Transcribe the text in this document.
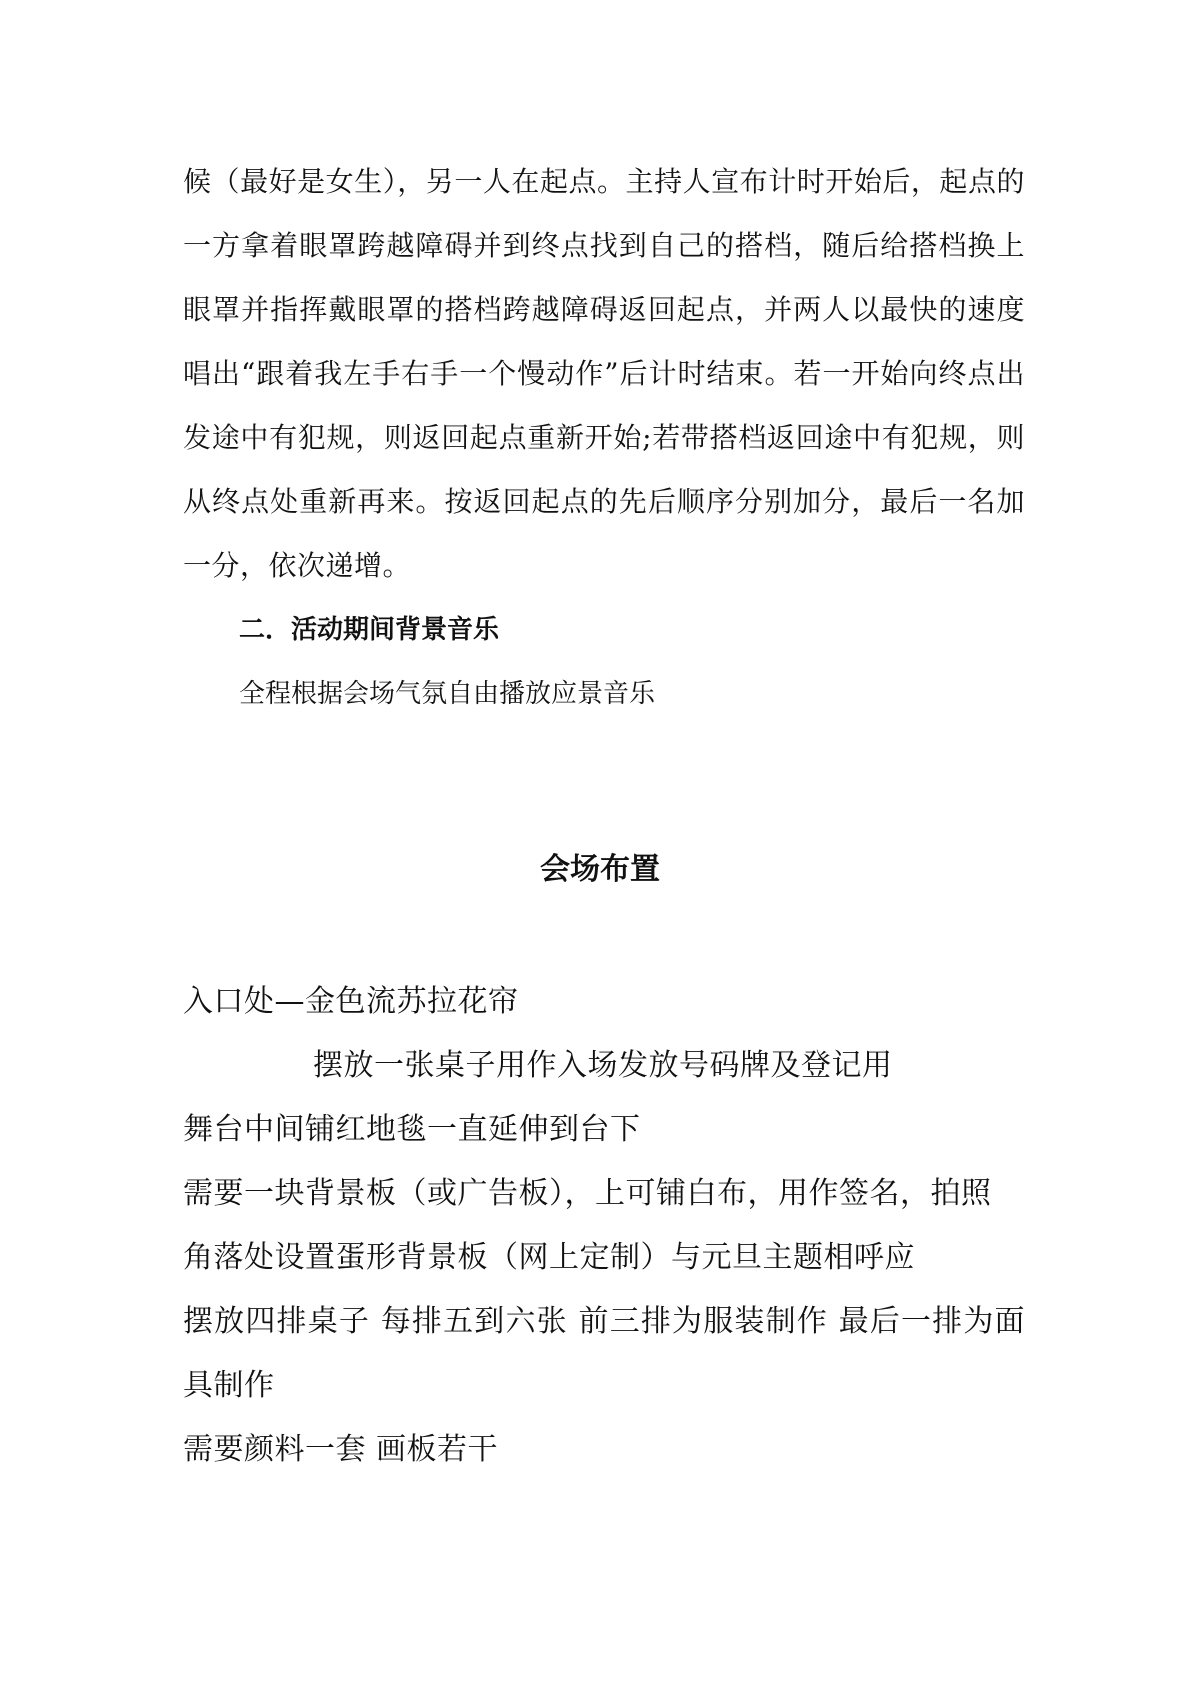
候（最好是女生），另一人在起点。主持人宣布计时开始后，起点的一方拿着眼罩跨越障碍并到终点找到自己的搭档，随后给搭档换上眼罩并指挥戴眼罩的搭档跨越障碍返回起点，并两人以最快的速度唱出“跟着我左手右手一个慢动作”后计时结束。若一开始向终点出发途中有犯规，则返回起点重新开始;若带搭档返回途中有犯规，则从终点处重新再来。按返回起点的先后顺序分别加分，最后一名加一分，依次递增。

二．活动期间背景音乐

全程根据会场气氛自由播放应景音乐

会场布置

入口处—金色流苏拉花帘

摆放一张桌子用作入场发放号码牌及登记用

舞台中间铺红地毯一直延伸到台下

需要一块背景板（或广告板），上可铺白布，用作签名，拍照

角落处设置蛋形背景板（网上定制）与元旦主题相呼应

摆放四排桌子 每排五到六张 前三排为服装制作 最后一排为面具制作

需要颜料一套 画板若干
